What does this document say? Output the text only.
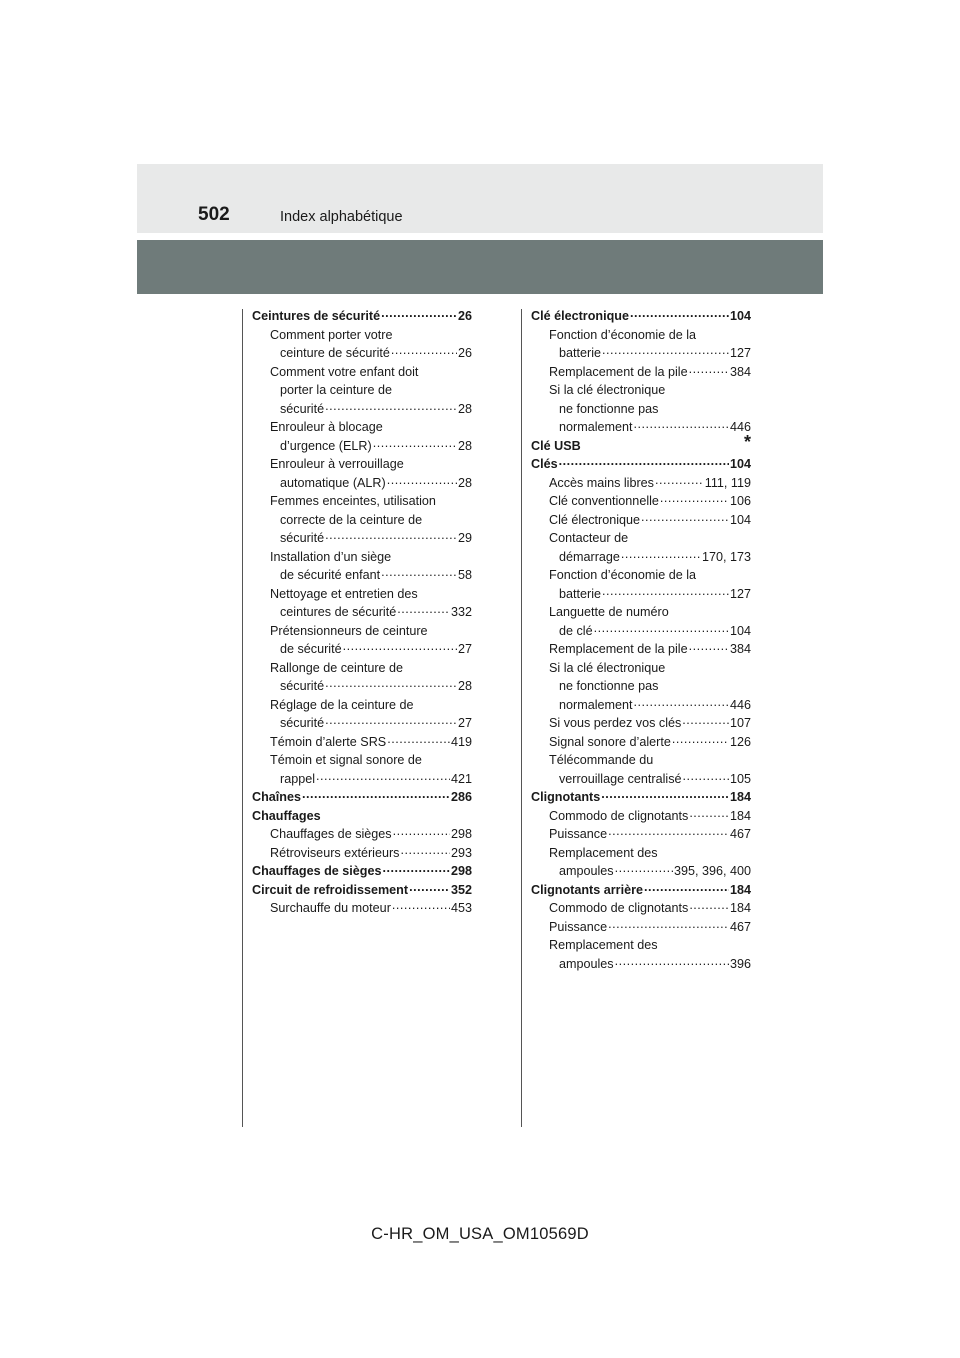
502	Index alphabétique
Ceintures de sécurité .....	26
Comment porter votre
ceinture de sécurité .....	26
Comment votre enfant doit
porter la ceinture de
sécurité .....	28
Enrouleur à blocage
d’urgence (ELR) .....	28
Enrouleur à verrouillage
automatique (ALR) .....	28
Femmes enceintes, utilisation
correcte de la ceinture de
sécurité .....	29
Installation d’un siège
de sécurité enfant .....	58
Nettoyage et entretien des
ceintures de sécurité .....	332
Prétensionneurs de ceinture
de sécurité .....	27
Rallonge de ceinture de
sécurité .....	28
Réglage de la ceinture de
sécurité .....	27
Témoin d’alerte SRS .....	419
Témoin et signal sonore de
rappel .....	421
Chaînes .....	286
Chauffages
Chauffages de sièges .....	298
Rétroviseurs extérieurs .....	293
Chauffages de sièges .....	298
Circuit de refroidissement .....	352
Surchauffe du moteur .....	453
Clé électronique .....	104
Fonction d’économie de la
batterie .....	127
Remplacement de la pile .....	384
Si la clé électronique
ne fonctionne pas
normalement .....	446
Clé USB	*
Clés .....	104
Accès mains libres .....	111, 119
Clé conventionnelle .....	106
Clé électronique .....	104
Contacteur de
démarrage .....	170, 173
Fonction d’économie de la
batterie .....	127
Languette de numéro
de clé .....	104
Remplacement de la pile .....	384
Si la clé électronique
ne fonctionne pas
normalement .....	446
Si vous perdez vos clés .....	107
Signal sonore d’alerte .....	126
Télécommande du
verrouillage centralisé .....	105
Clignotants .....	184
Commodo de clignotants .....	184
Puissance .....	467
Remplacement des
ampoules .....	395, 396, 400
Clignotants arrière .....	184
Commodo de clignotants .....	184
Puissance .....	467
Remplacement des
ampoules .....	396
C-HR_OM_USA_OM10569D
